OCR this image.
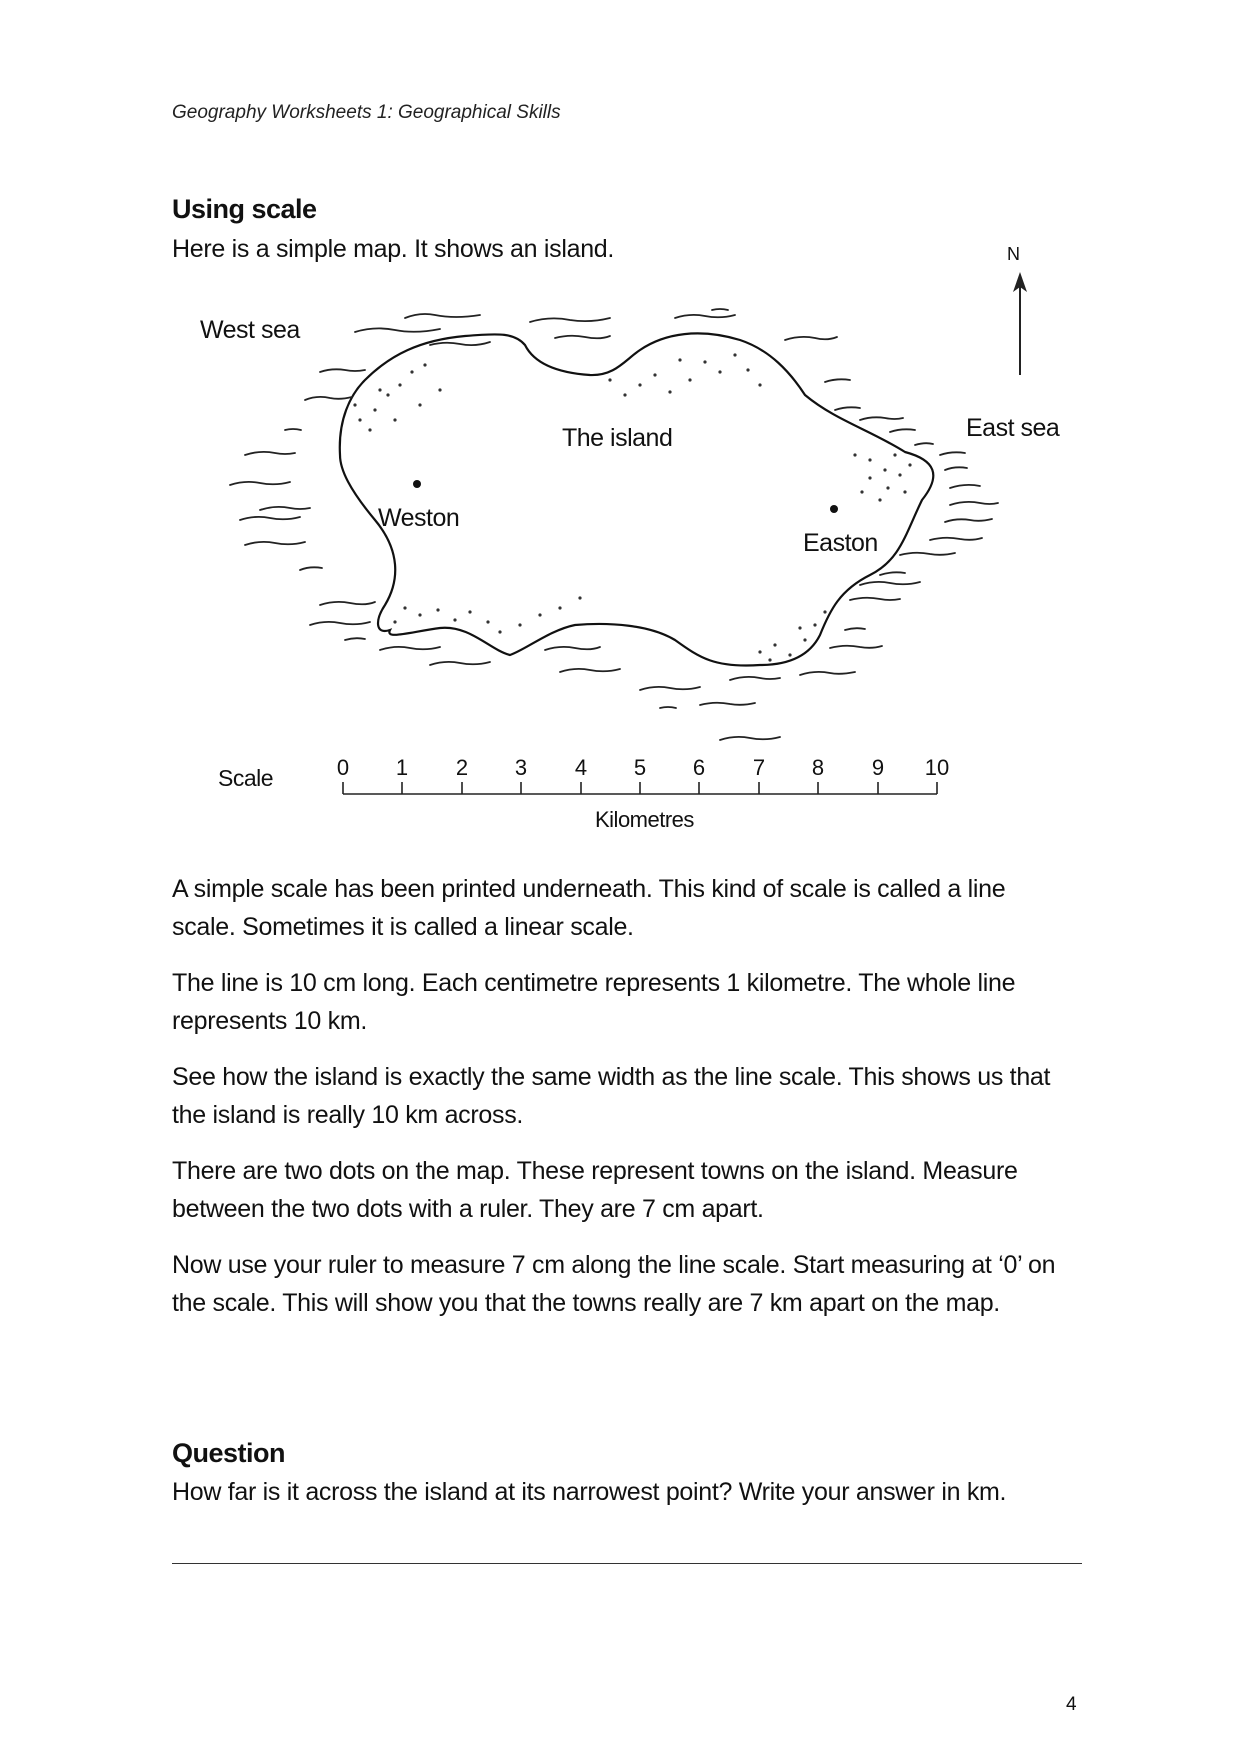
Geography Worksheets 1: Geographical Skills
Using scale

Here is a simple map. It shows an island.	N
West sea
East sea
The island
Weston
Easton
Scale	0	1	2	3	4	5	6	7	8	9	10
Kilometres

A simple scale has been printed underneath. This kind of scale is called a line scale. Sometimes it is called a linear scale.

The line is 10 cm long. Each centimetre represents 1 kilometre. The whole line represents 10 km.

See how the island is exactly the same width as the line scale. This shows us that the island is really 10 km across.

There are two dots on the map. These represent towns on the island. Measure between the two dots with a ruler. They are 7 cm apart.

Now use your ruler to measure 7 cm along the line scale. Start measuring at ‘0’ on the scale. This will show you that the towns really are 7 km apart on the map.

Question

How far is it across the island at its narrowest point? Write your answer in km.

4
